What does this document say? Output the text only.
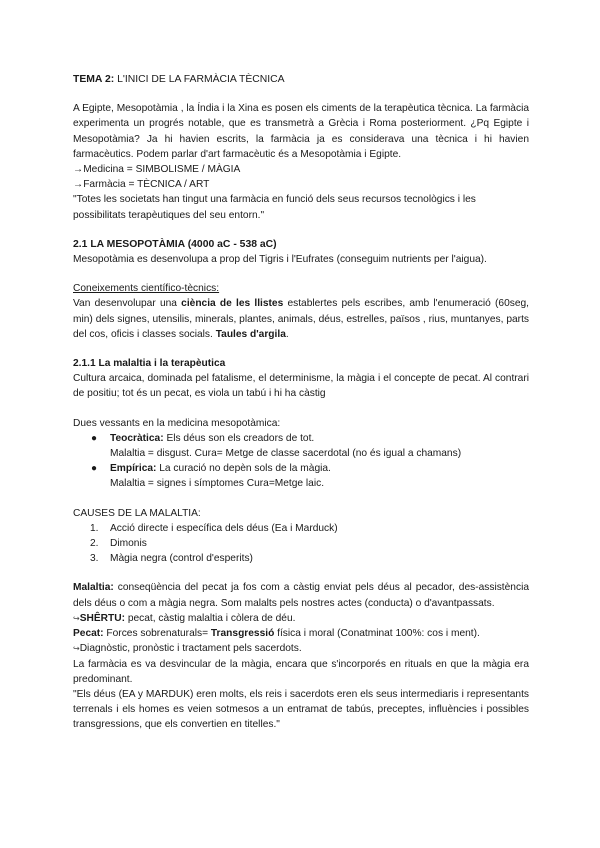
TEMA 2: L'INICI DE LA FARMÀCIA TÈCNICA

A Egipte, Mesopotàmia , la Índia i la Xina es posen els ciments de la terapèutica tècnica. La farmàcia experimenta un progrés notable, que es transmetrà a Grècia i Roma posteriorment. ¿Pq Egipte i Mesopotàmia? Ja hi havien escrits, la farmàcia ja es considerava una tècnica i hi havien farmacèutics. Podem parlar d'art farmacèutic és a Mesopotàmia i Egipte.

→Medicina = SIMBOLISME / MÀGIA

→Farmàcia = TÈCNICA / ART

"Totes les societats han tingut una farmàcia en funció dels seus recursos tecnològics i les possibilitats terapèutiques del seu entorn."

2.1 LA MESOPOTÀMIA (4000 aC - 538 aC)

Mesopotàmia es desenvolupa a prop del Tigris i l'Eufrates (conseguim nutrients per l'aigua).

Coneixements científico-tècnics:

Van desenvolupar una ciència de les llistes establertes pels escribes, amb l'enumeració (60seg, min) dels signes, utensilis, minerals, plantes, animals, déus, estrelles, països , rius, muntanyes, parts del cos, oficis i classes socials. Taules d'argila.

2.1.1 La malaltia i la terapèutica

Cultura arcaica, dominada pel fatalisme, el determinisme, la màgia i el concepte de pecat. Al contrari de positiu; tot és un pecat, es viola un tabú i hi ha càstig

Dues vessants en la medicina mesopotàmica:

● Teocràtica: Els déus son els creadors de tot.
Malaltia = disgust. Cura= Metge de classe sacerdotal (no és igual a chamans)
● Empírica: La curació no depèn sols de la màgia.
Malaltia = signes i símptomes Cura=Metge laic.

CAUSES DE LA MALALTIA:

1. Acció directe i específica dels déus (Ea i Marduck)
2. Dimonis
3. Màgia negra (control d'esperits)

Malaltia: conseqüència del pecat ja fos com a càstig enviat pels déus al pecador, des-assistència dels déus o com a màgia negra. Som malalts pels nostres actes (conducta) o d'avantpassats.

↪SHÊRTU: pecat, càstig malaltia i còlera de déu.

Pecat: Forces sobrenaturals= Transgressió física i moral (Conatminat 100%: cos i ment).

↪Diagnòstic, pronòstic i tractament pels sacerdots.

La farmàcia es va desvincular de la màgia, encara que s'incorporés en rituals en que la màgia era predominant.

"Els déus (EA y MARDUK) eren molts, els reis i sacerdots eren els seus intermediaris i representants terrenals i els homes es veien sotmesos a un entramat de tabús, preceptes, influències i possibles transgressions, que els convertien en titelles."
